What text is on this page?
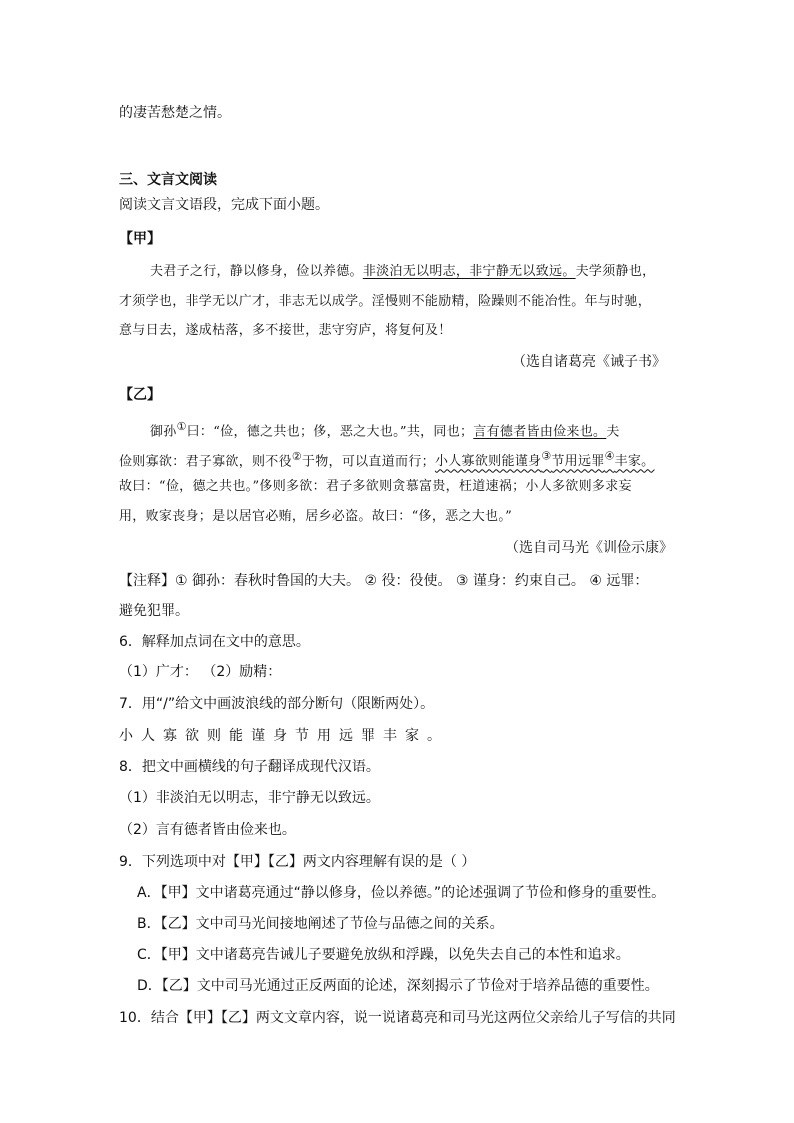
的凄苦愁楚之情。
三、文言文阅读
阅读文言文语段，完成下面小题。
【甲】
夫君子之行，静以修身，俭以养德。非淡泊无以明志，非宁静无以致远。夫学须静也，
才须学也，非学无以广才，非志无以成学。淫慢则不能励精，险躁则不能冶性。年与时驰，
意与日去，遂成枯落，多不接世，悲守穷庐，将复何及！
（选自诸葛亮《诫子书》
【乙】
御孙①曰：“俭，德之共也；侈，恶之大也。”共，同也；言有德者皆由俭来也。夫
俭则寡欲：君子寡欲，则不役②于物，可以直道而行；小人寡欲则能谨身③节用远罪④丰家。
故曰：“俭，德之共也。”侈则多欲：君子多欲则贪慕富贵，枉道速祸；小人多欲则多求妄
用，败家丧身；是以居官必贿，居乡必盗。故曰：“侈，恶之大也。”
（选自司马光《训俭示康》
【注释】① 御孙：春秋时鲁国的大夫。 ② 役：役使。 ③ 谨身：约束自己。 ④ 远罪：
避免犯罪。
6．解释加点词在文中的意思。
（1）广才： （2）励精：
7．用“/”给文中画波浪线的部分断句（限断两处）。
小人寡欲则能谨身节用远罪丰家。
8．把文中画横线的句子翻译成现代汉语。
（1）非淡泊无以明志，非宁静无以致远。
（2）言有德者皆由俭来也。
9．下列选项中对【甲】【乙】两文内容理解有误的是（ ）
A．【甲】文中诸葛亮通过“静以修身，俭以养德。”的论述强调了节俭和修身的重要性。
B．【乙】文中司马光间接地阐述了节俭与品德之间的关系。
C．【甲】文中诸葛亮告诫儿子要避免放纵和浮躁，以免失去自己的本性和追求。
D．【乙】文中司马光通过正反两面的论述，深刻揭示了节俭对于培养品德的重要性。
10．结合【甲】【乙】两文文章内容，说一说诸葛亮和司马光这两位父亲给儿子写信的共同
